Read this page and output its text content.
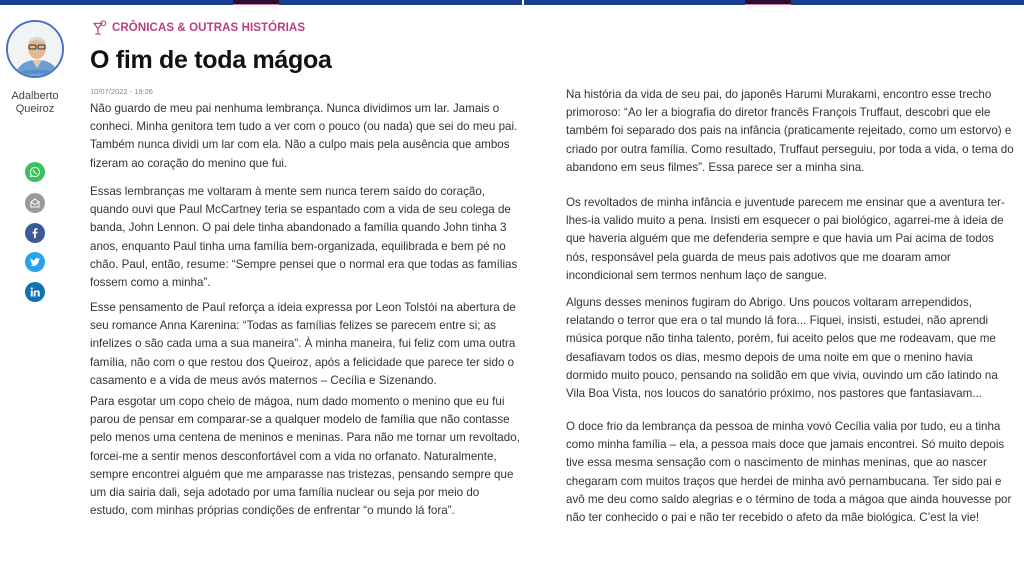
Adalberto
Queiroz
CRÔNICAS & OUTRAS HISTÓRIAS
O fim de toda mágoa
10/07/2022 - 19:26
Não guardo de meu pai nenhuma lembrança. Nunca dividimos um lar. Jamais o conheci. Minha genitora tem tudo a ver com o pouco (ou nada) que sei do meu pai. Também nunca dividi um lar com ela. Não a culpo mais pela ausência que ambos fizeram ao coração do menino que fui.
Essas lembranças me voltaram à mente sem nunca terem saído do coração, quando ouvi que Paul McCartney teria se espantado com a vida de seu colega de banda, John Lennon. O pai dele tinha abandonado a família quando John tinha 3 anos, enquanto Paul tinha uma família bem-organizada, equilibrada e bem pé no chão. Paul, então, resume: “Sempre pensei que o normal era que todas as famílias fossem como a minha”.
Esse pensamento de Paul reforça a ideia expressa por Leon Tolstói na abertura de seu romance Anna Karenina: “Todas as famílias felizes se parecem entre si; as infelizes o são cada uma a sua maneira”. À minha maneira, fui feliz com uma outra família, não com o que restou dos Queiroz, após a felicidade que parece ter sido o casamento e a vida de meus avós maternos – Cecília e Sizenando.
Para esgotar um copo cheio de mágoa, num dado momento o menino que eu fui parou de pensar em comparar-se a qualquer modelo de família que não contasse pelo menos uma centena de meninos e meninas. Para não me tornar um revoltado, forcei-me a sentir menos desconfortável com a vida no orfanato. Naturalmente, sempre encontrei alguém que me amparasse nas tristezas, pensando sempre que um dia sairia dali, seja adotado por uma família nuclear ou seja por meio do estudo, com minhas próprias condições de enfrentar “o mundo lá fora”.
Na história da vida de seu pai, do japonês Harumi Murakami, encontro esse trecho primoroso: “Ao ler a biografia do diretor francês François Truffaut, descobri que ele também foi separado dos pais na infância (praticamente rejeitado, como um estorvo) e criado por outra família. Como resultado, Truffaut perseguiu, por toda a vida, o tema do abandono em seus filmes”. Essa parece ser a minha sina.
Os revoltados de minha infância e juventude parecem me ensinar que a aventura ter-lhes-ia valido muito a pena. Insisti em esquecer o pai biológico, agarrei-me à ideia de que haveria alguém que me defenderia sempre e que havia um Pai acima de todos nós, responsável pela guarda de meus pais adotivos que me doaram amor incondicional sem termos nenhum laço de sangue.
Alguns desses meninos fugiram do Abrigo. Uns poucos voltaram arrependidos, relatando o terror que era o tal mundo lá fora... Fiquei, insisti, estudei, não aprendi música porque não tinha talento, porém, fui aceito pelos que me rodeavam, que me desafiavam todos os dias, mesmo depois de uma noite em que o menino havia dormido muito pouco, pensando na solidão em que vivia, ouvindo um cão latindo na Vila Boa Vista, nos loucos do sanatório próximo, nos pastores que fantasiavam...
O doce frio da lembrança da pessoa de minha vovó Cecília valia por tudo, eu a tinha como minha família – ela, a pessoa mais doce que jamais encontrei. Só muito depois tive essa mesma sensação com o nascimento de minhas meninas, que ao nascer chegaram com muitos traços que herdei de minha avó pernambucana. Ter sido pai e avô me deu como saldo alegrias e o término de toda a mágoa que ainda houvesse por não ter conhecido o pai e não ter recebido o afeto da mãe biológica. C’est la vie!
